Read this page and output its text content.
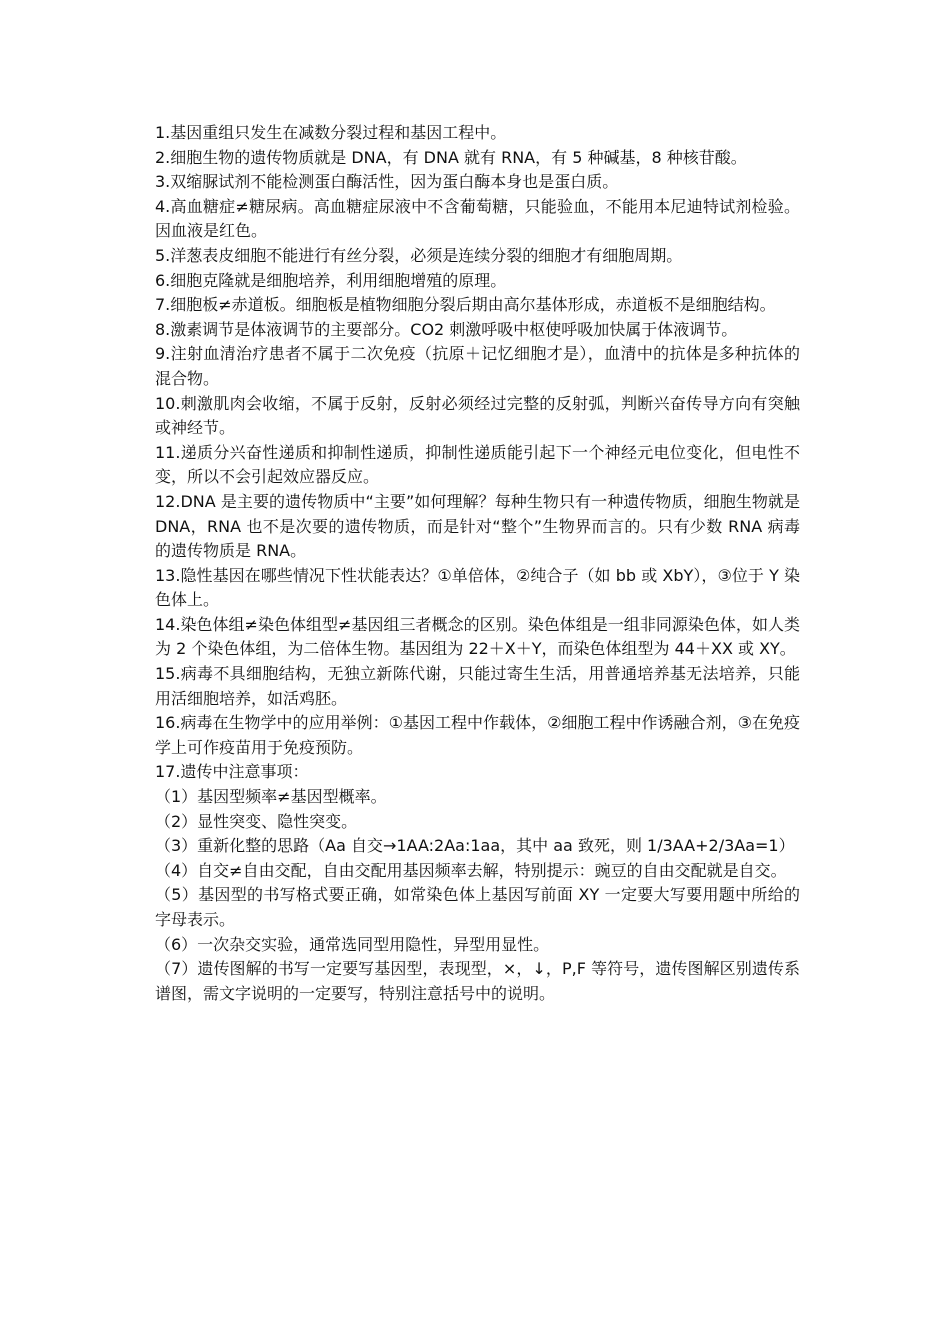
1.基因重组只发生在减数分裂过程和基因工程中。

2.细胞生物的遗传物质就是 DNA，有 DNA 就有 RNA，有 5 种碱基，8 种核苷酸。

3.双缩脲试剂不能检测蛋白酶活性，因为蛋白酶本身也是蛋白质。

4.高血糖症≠糖尿病。高血糖症尿液中不含葡萄糖，只能验血，不能用本尼迪特试剂检验。因血液是红色。

5.洋葱表皮细胞不能进行有丝分裂，必须是连续分裂的细胞才有细胞周期。

6.细胞克隆就是细胞培养，利用细胞增殖的原理。

7.细胞板≠赤道板。细胞板是植物细胞分裂后期由高尔基体形成，赤道板不是细胞结构。

8.激素调节是体液调节的主要部分。CO2 刺激呼吸中枢使呼吸加快属于体液调节。

9.注射血清治疗患者不属于二次免疫（抗原＋记忆细胞才是），血清中的抗体是多种抗体的混合物。

10.刺激肌肉会收缩，不属于反射，反射必须经过完整的反射弧，判断兴奋传导方向有突触或神经节。

11.递质分兴奋性递质和抑制性递质，抑制性递质能引起下一个神经元电位变化，但电性不变，所以不会引起效应器反应。

12.DNA 是主要的遗传物质中“主要”如何理解？每种生物只有一种遗传物质，细胞生物就是 DNA，RNA 也不是次要的遗传物质，而是针对“整个”生物界而言的。只有少数 RNA 病毒的遗传物质是 RNA。

13.隐性基因在哪些情况下性状能表达？①单倍体，②纯合子（如 bb 或 XbY），③位于 Y 染色体上。

14.染色体组≠染色体组型≠基因组三者概念的区别。染色体组是一组非同源染色体，如人类为 2 个染色体组，为二倍体生物。基因组为 22＋X＋Y，而染色体组型为 44＋XX 或 XY。

15.病毒不具细胞结构，无独立新陈代谢，只能过寄生生活，用普通培养基无法培养，只能用活细胞培养，如活鸡胚。

16.病毒在生物学中的应用举例：①基因工程中作载体，②细胞工程中作诱融合剂，③在免疫学上可作疫苗用于免疫预防。

17.遗传中注意事项：

（1）基因型频率≠基因型概率。

（2）显性突变、隐性突变。

（3）重新化整的思路（Aa 自交→1AA:2Aa:1aa，其中 aa 致死，则 1/3AA+2/3Aa=1）

（4）自交≠自由交配，自由交配用基因频率去解，特别提示：豌豆的自由交配就是自交。

（5）基因型的书写格式要正确，如常染色体上基因写前面 XY 一定要大写要用题中所给的字母表示。

（6）一次杂交实验，通常选同型用隐性，异型用显性。

（7）遗传图解的书写一定要写基因型，表现型，×，↓，P,F 等符号，遗传图解区别遗传系谱图，需文字说明的一定要写，特别注意括号中的说明。
